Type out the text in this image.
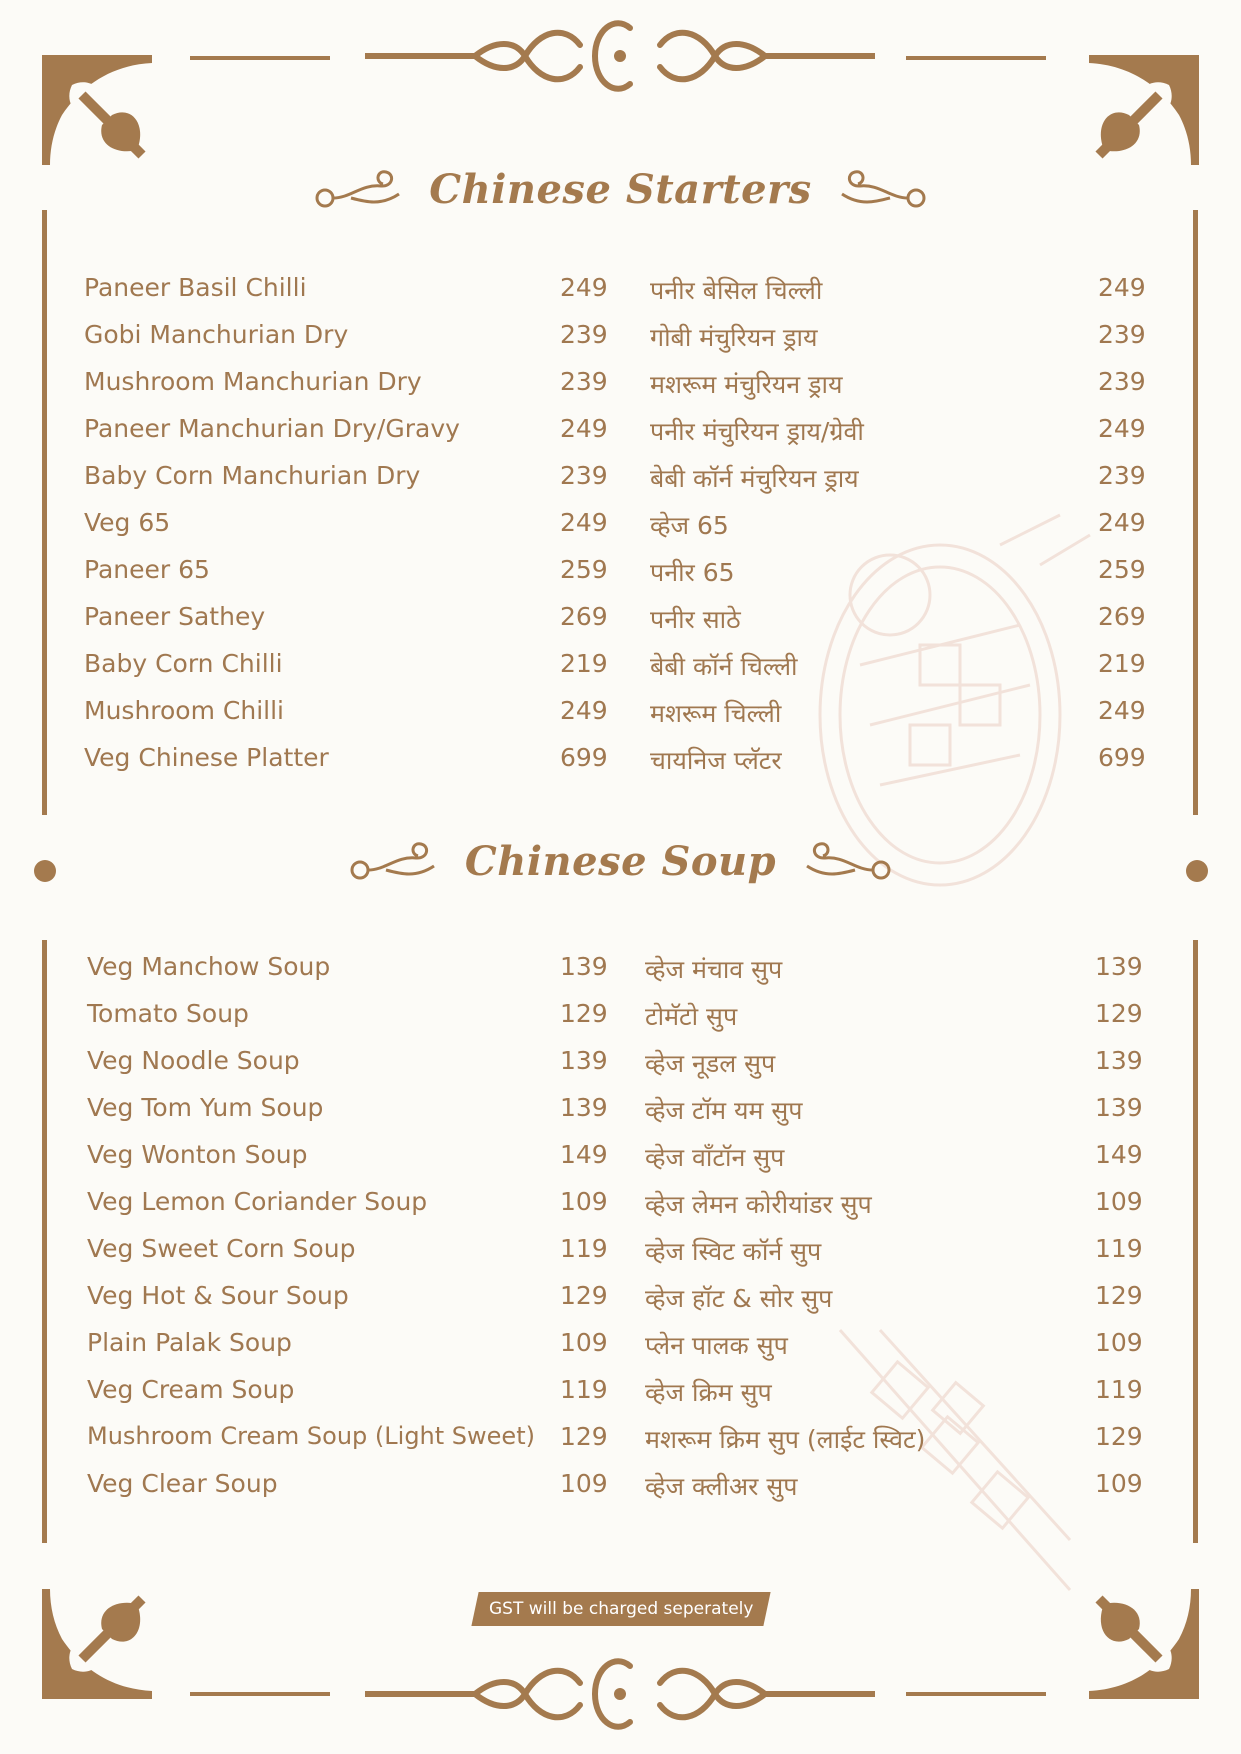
Chinese Starters
Paneer Basil Chilli	249 पनीर बेसिल चिल्ली	249
Gobi Manchurian Dry	239 गोबी मंचुरियन ड्राय	239
Mushroom Manchurian Dry	239 मशरूम मंचुरियन ड्राय	239
Paneer Manchurian Dry/Gravy	249 पनीर मंचुरियन ड्राय/ग्रेवी	249
Baby Corn Manchurian Dry	239 बेबी कॉर्न मंचुरियन ड्राय	239
Veg 65	249 व्हेज 65	249
Paneer 65	259 पनीर 65	259
Paneer Sathey	269 पनीर साठे	269
Baby Corn Chilli	219 बेबी कॉर्न चिल्ली	219
Mushroom Chilli	249 मशरूम चिल्ली	249
Veg Chinese Platter	699 चायनिज प्लॅटर	699
Chinese Soup
Veg Manchow Soup	139 व्हेज मंचाव सुप	139
Tomato Soup	129 टोमॅटो सुप	129
Veg Noodle Soup	139 व्हेज नूडल सुप	139
Veg Tom Yum Soup	139 व्हेज टॉम यम सुप	139
Veg Wonton Soup	149 व्हेज वाँटॉन सुप	149
Veg Lemon Coriander Soup	109 व्हेज लेमन कोरीयांडर सुप	109
Veg Sweet Corn Soup	119 व्हेज स्विट कॉर्न सुप	119
Veg Hot & Sour Soup	129 व्हेज हॉट & सोर सुप	129
Plain Palak Soup	109 प्लेन पालक सुप	109
Veg Cream Soup	119 व्हेज क्रिम सुप	119
Mushroom Cream Soup (Light Sweet) 129 मशरूम क्रिम सुप (लाईट स्विट)	129
Veg Clear Soup	109 व्हेज क्लीअर सुप	109
GST will be charged seperately
